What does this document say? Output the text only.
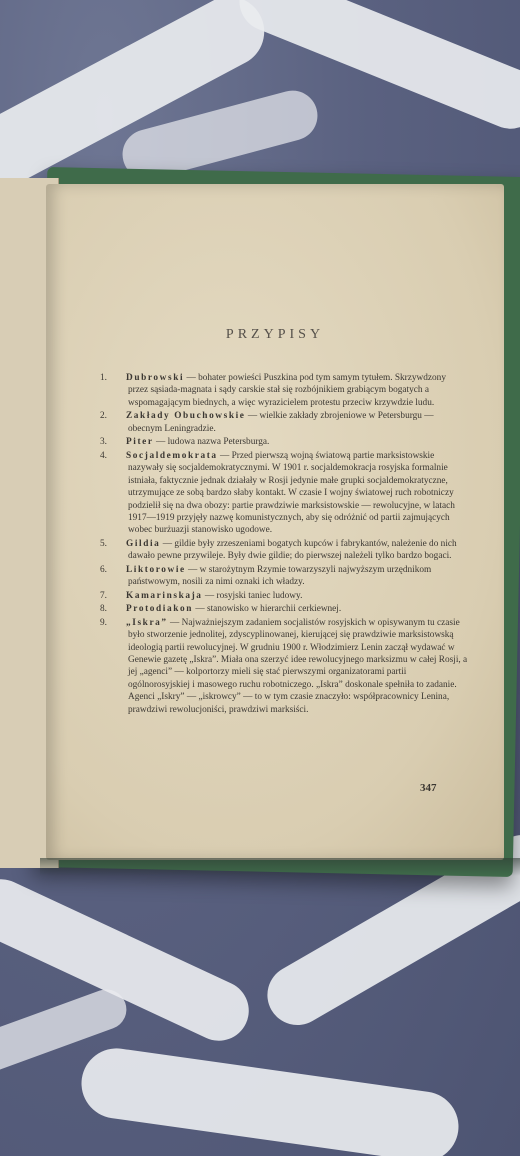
PRZYPISY

1. Dubrowski — bohater powieści Puszkina pod tym samym tytułem. Skrzywdzony przez sąsiada-magnata i sądy carskie stał się rozbójnikiem grabiącym bogatych a wspomagającym biednych, a więc wyrazicielem protestu przeciw krzywdzie ludu.

2. Zakłady Obuchowskie — wielkie zakłady zbrojeniowe w Petersburgu — obecnym Leningradzie.

3. Piter — ludowa nazwa Petersburga.

4. Socjaldemokrata — Przed pierwszą wojną światową partie marksistowskie nazywały się socjaldemokratycznymi. W 1901 r. socjaldemokracja rosyjska formalnie istniała, faktycznie jednak działały w Rosji jedynie małe grupki socjaldemokratyczne, utrzymujące ze sobą bardzo słaby kontakt. W czasie I wojny światowej ruch robotniczy podzielił się na dwa obozy: partie prawdziwie marksistowskie — rewolucyjne, w latach 1917—1919 przyjęły nazwę komunistycznych, aby się odróżnić od partii zajmujących wobec burżuazji stanowisko ugodowe.

5. Gildia — gildie były zrzeszeniami bogatych kupców i fabrykantów, należenie do nich dawało pewne przywileje. Były dwie gildie; do pierwszej należeli tylko bardzo bogaci.

6. Liktorowie — w starożytnym Rzymie towarzyszyli najwyższym urzędnikom państwowym, nosili za nimi oznaki ich władzy.

7. Kamarinskaja — rosyjski taniec ludowy.

8. Protodiakon — stanowisko w hierarchii cerkiewnej.

9. „Iskra” — Najważniejszym zadaniem socjalistów rosyjskich w opisywanym tu czasie było stworzenie jednolitej, zdyscyplinowanej, kierującej się prawdziwie marksistowską ideologią partii rewolucyjnej. W grudniu 1900 r. Włodzimierz Lenin zaczął wydawać w Genewie gazetę „Iskra”. Miała ona szerzyć idee rewolucyjnego marksizmu w całej Rosji, a jej „agenci” — kolportorzy mieli się stać pierwszymi organizatorami partii ogólnorosyjskiej i masowego ruchu robotniczego. „Iskra” doskonale spełniła to zadanie. Agenci „Iskry” — „iskrowcy” — to w tym czasie znaczyło: współpracownicy Lenina, prawdziwi rewolucjoniści, prawdziwi marksiści.

347
